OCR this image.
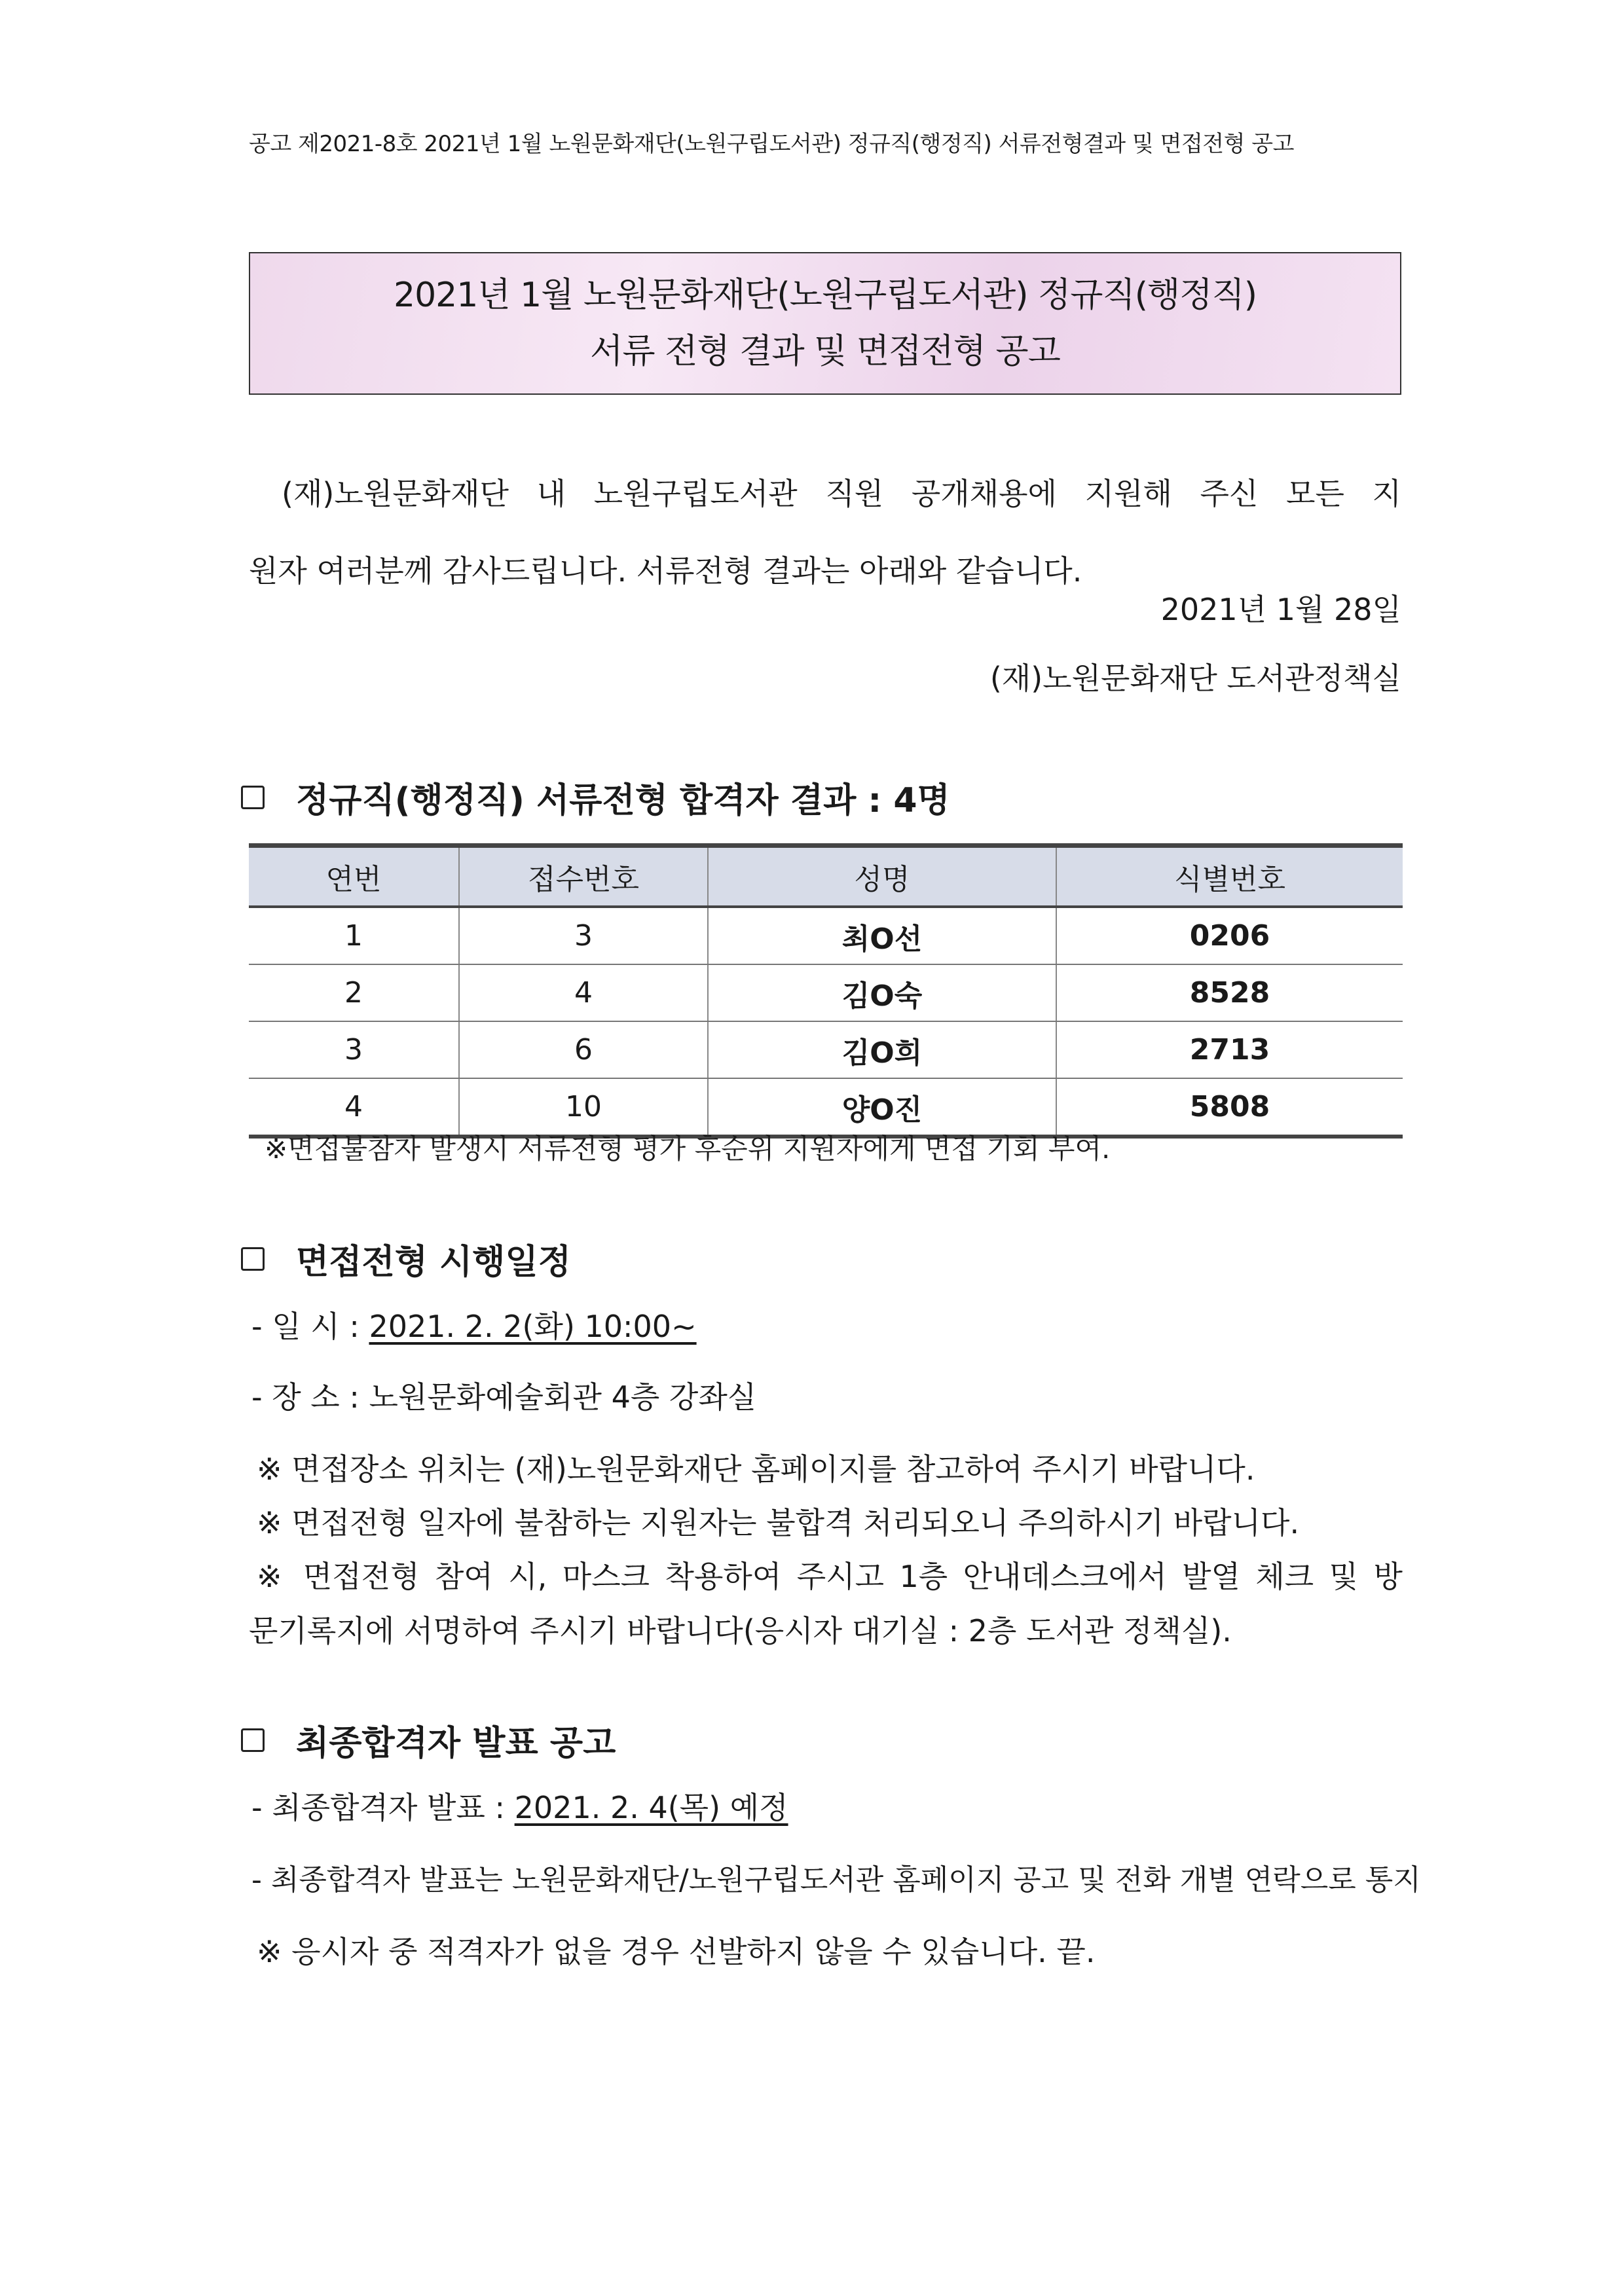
공고 제2021-8호 2021년 1월 노원문화재단(노원구립도서관) 정규직(행정직) 서류전형결과 및 면접전형 공고
2021년 1월 노원문화재단(노원구립도서관) 정규직(행정직)
서류 전형 결과 및 면접전형 공고
(재)노원문화재단 내 노원구립도서관 직원 공개채용에 지원해 주신 모든 지
원자 여러분께 감사드립니다. 서류전형 결과는 아래와 같습니다.
2021년 1월 28일
(재)노원문화재단 도서관정책실
정규직(행정직) 서류전형 합격자 결과 : 4명
연번	접수번호	성명	식별번호
1	3	최O선	0206
2	4	김O숙	8528
3	6	김O희	2713
4	10	양O진	5808
※면접불참자 발생시 서류전형 평가 후순위 지원자에게 면접 기회 부여.
면접전형 시행일정
- 일 시 : 2021. 2. 2(화) 10:00~
- 장 소 : 노원문화예술회관 4층 강좌실
※ 면접장소 위치는 (재)노원문화재단 홈페이지를 참고하여 주시기 바랍니다.
※ 면접전형 일자에 불참하는 지원자는 불합격 처리되오니 주의하시기 바랍니다.
※ 면접전형 참여 시, 마스크 착용하여 주시고 1층 안내데스크에서 발열 체크 및 방
문기록지에 서명하여 주시기 바랍니다(응시자 대기실 : 2층 도서관 정책실).
최종합격자 발표 공고
- 최종합격자 발표 : 2021. 2. 4(목) 예정
- 최종합격자 발표는 노원문화재단/노원구립도서관 홈페이지 공고 및 전화 개별 연락으로 통지
※ 응시자 중 적격자가 없을 경우 선발하지 않을 수 있습니다. 끝.
